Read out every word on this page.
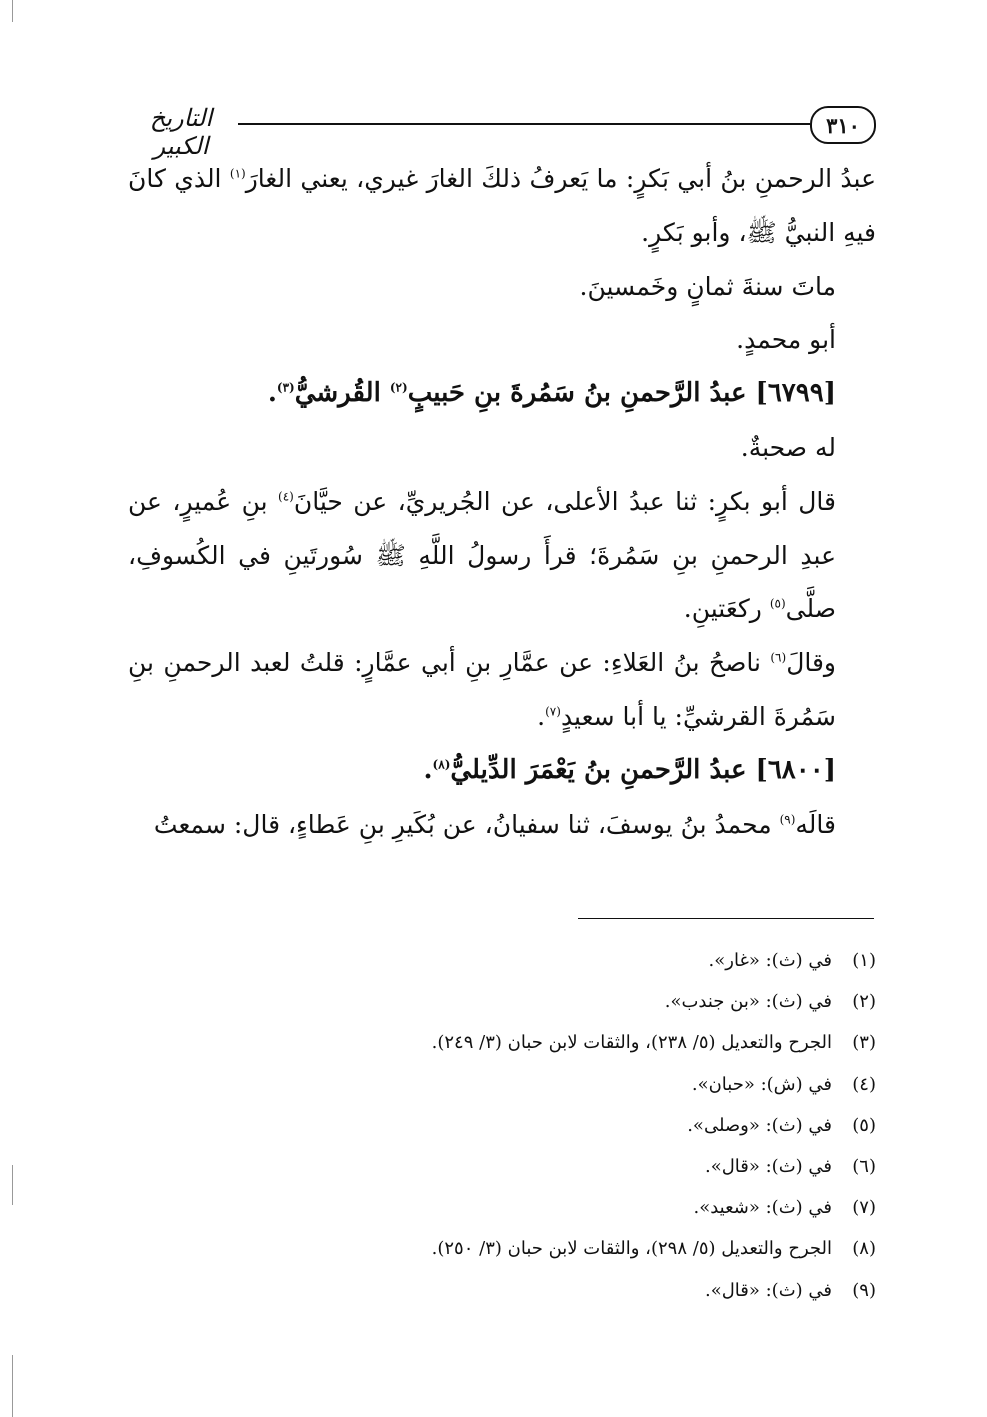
٣١٠
التاريخ الكبير

عبدُ الرحمنِ بنُ أبي بَكرٍ: ما يَعرفُ ذلكَ الغارَ غيري، يعني الغارَ$^{(١)}$ الذي كانَ فيهِ النبيُّ ﷺ، وأبو بَكرٍ.

ماتَ سنةَ ثمانٍ وخَمسينَ.

أبو محمدٍ.

[٦٧٩٩] عبدُ الرَّحمنِ بنُ سَمُرةَ بنِ حَبيبٍ$^{(٢)}$ القُرشيُّ$^{(٣)}$.

له صحبةٌ.

قال أبو بكرٍ: ثنا عبدُ الأعلى، عن الجُريريِّ، عن حيَّانَ$^{(٤)}$ بنِ عُميرٍ، عن عبدِ الرحمنِ بنِ سَمُرةَ؛ قرأَ رسولُ اللَّهِ ﷺ سُورتَينِ في الكُسوفِ، صلَّى$^{(٥)}$ ركعَتينِ.

وقالَ$^{(٦)}$ ناصحُ بنُ العَلاءِ: عن عمَّارِ بنِ أبي عمَّارٍ: قلتُ لعبد الرحمنِ بنِ سَمُرةَ القرشيِّ: يا أبا سعيدٍ$^{(٧)}$.

[٦٨٠٠] عبدُ الرَّحمنِ بنُ يَعْمَرَ الدِّيليُّ$^{(٨)}$.

قالَه$^{(٩)}$ محمدُ بنُ يوسفَ، ثنا سفيانُ، عن بُكَيرِ بنِ عَطاءٍ، قال: سمعتُ

(١)في (ث): «غار».
(٢)في (ث): «بن جندب».
(٣)الجرح والتعديل (٥/ ٢٣٨)، والثقات لابن حبان (٣/ ٢٤٩).
(٤)في (ش): «حبان».
(٥)في (ث): «وصلى».
(٦)في (ث): «قال».
(٧)في (ث): «شعيد».
(٨)الجرح والتعديل (٥/ ٢٩٨)، والثقات لابن حبان (٣/ ٢٥٠).
(٩)في (ث): «قال».
